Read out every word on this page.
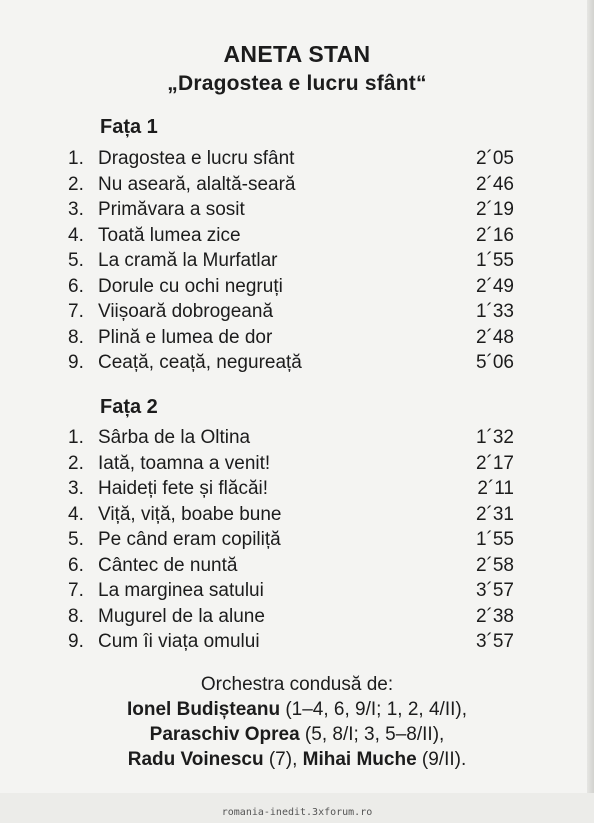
ANETA STAN
„Dragostea e lucru sfânt“
Fața 1
1. Dragostea e lucru sfânt	2´05
2. Nu aseară, alaltă-seară	2´46
3. Primăvara a sosit	2´19
4. Toată lumea zice	2´16
5. La cramă la Murfatlar	1´55
6. Dorule cu ochi negruți	2´49
7. Viișoară dobrogeană	1´33
8. Plină e lumea de dor	2´48
9. Ceață, ceață, negureață	5´06
Fața 2
1. Sârba de la Oltina	1´32
2. Iată, toamna a venit!	2´17
3. Haideți fete și flăcăi!	2´11
4. Viță, viță, boabe bune	2´31
5. Pe când eram copiliță	1´55
6. Cântec de nuntă	2´58
7. La marginea satului	3´57
8. Mugurel de la alune	2´38
9. Cum îi viața omului	3´57
Orchestra condusă de:
Ionel Budișteanu (1–4, 6, 9/I; 1, 2, 4/II),
Paraschiv Oprea (5, 8/I; 3, 5–8/II),
Radu Voinescu (7), Mihai Muche (9/II).
romania-inedit.3xforum.ro
